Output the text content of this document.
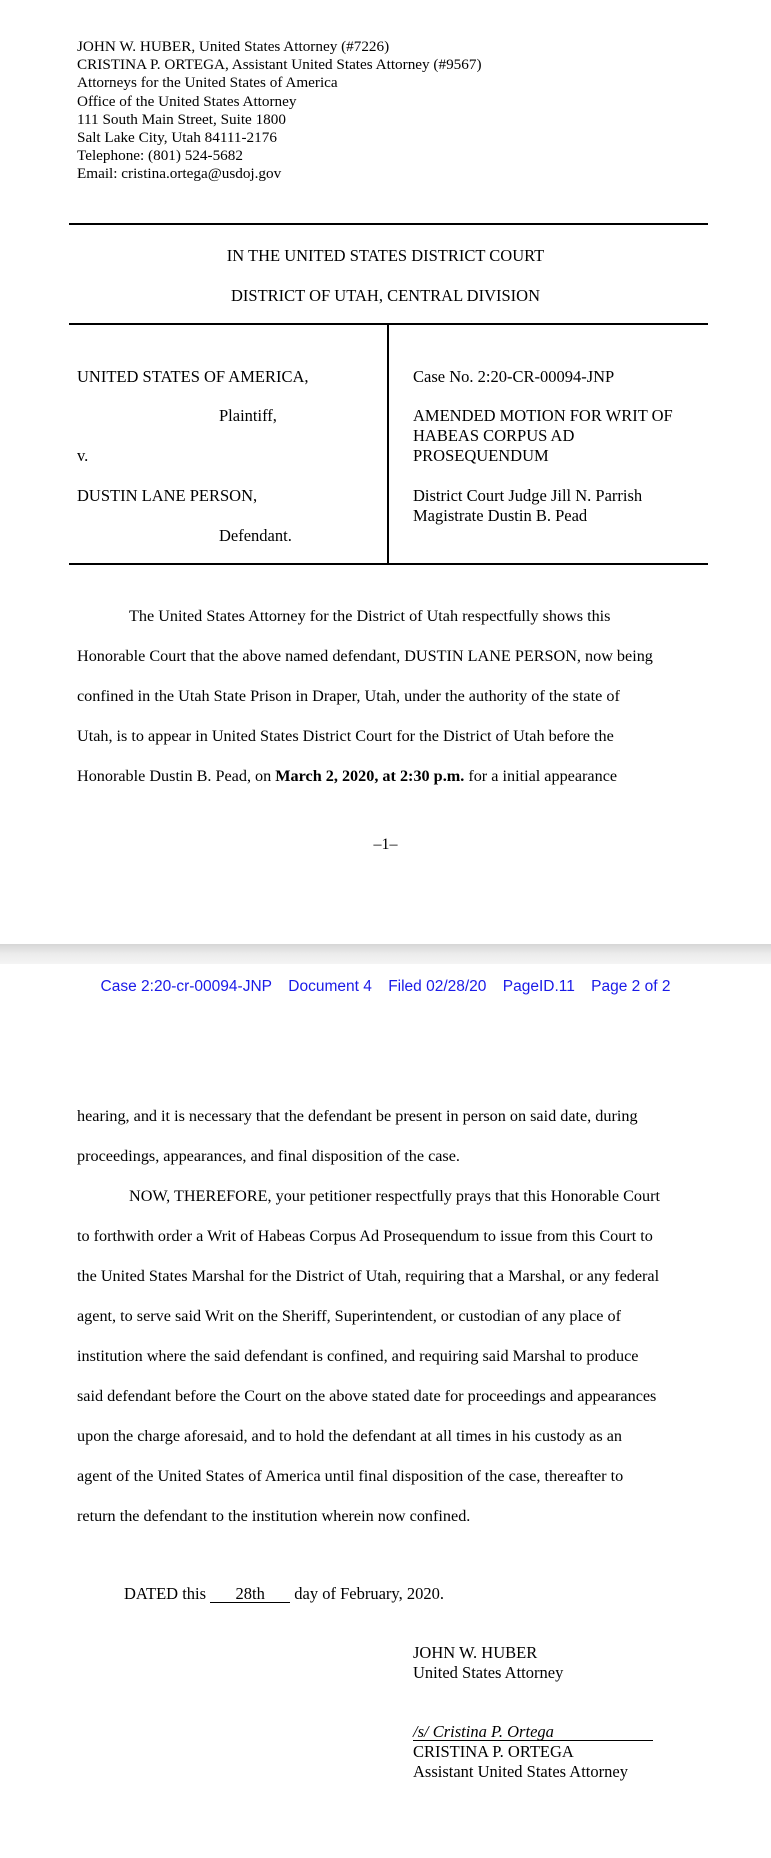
JOHN W. HUBER, United States Attorney (#7226)
CRISTINA P. ORTEGA, Assistant United States Attorney (#9567)
Attorneys for the United States of America
Office of the United States Attorney
111 South Main Street, Suite 1800
Salt Lake City, Utah 84111-2176
Telephone: (801) 524-5682
Email: cristina.ortega@usdoj.gov
IN THE UNITED STATES DISTRICT COURT
DISTRICT OF UTAH, CENTRAL DIVISION
UNITED STATES OF AMERICA,
Plaintiff,
v.
DUSTIN LANE PERSON,
Defendant.
Case No. 2:20-CR-00094-JNP
AMENDED MOTION FOR WRIT OF
HABEAS CORPUS AD
PROSEQUENDUM
District Court Judge Jill N. Parrish
Magistrate Dustin B. Pead
The United States Attorney for the District of Utah respectfully shows this
Honorable Court that the above named defendant, DUSTIN LANE PERSON, now being
confined in the Utah State Prison in Draper, Utah, under the authority of the state of
Utah, is to appear in United States District Court for the District of Utah before the
Honorable Dustin B. Pead, on March 2, 2020, at 2:30 p.m. for a initial appearance
–1–
Case 2:20-cr-00094-JNP Document 4 Filed 02/28/20 PageID.11 Page 2 of 2
hearing, and it is necessary that the defendant be present in person on said date, during
proceedings, appearances, and final disposition of the case.
NOW, THEREFORE, your petitioner respectfully prays that this Honorable Court
to forthwith order a Writ of Habeas Corpus Ad Prosequendum to issue from this Court to
the United States Marshal for the District of Utah, requiring that a Marshal, or any federal
agent, to serve said Writ on the Sheriff, Superintendent, or custodian of any place of
institution where the said defendant is confined, and requiring said Marshal to produce
said defendant before the Court on the above stated date for proceedings and appearances
upon the charge aforesaid, and to hold the defendant at all times in his custody as an
agent of the United States of America until final disposition of the case, thereafter to
return the defendant to the institution wherein now confined.
DATED this 28th day of February, 2020.
JOHN W. HUBER
United States Attorney
/s/ Cristina P. Ortega
CRISTINA P. ORTEGA
Assistant United States Attorney
